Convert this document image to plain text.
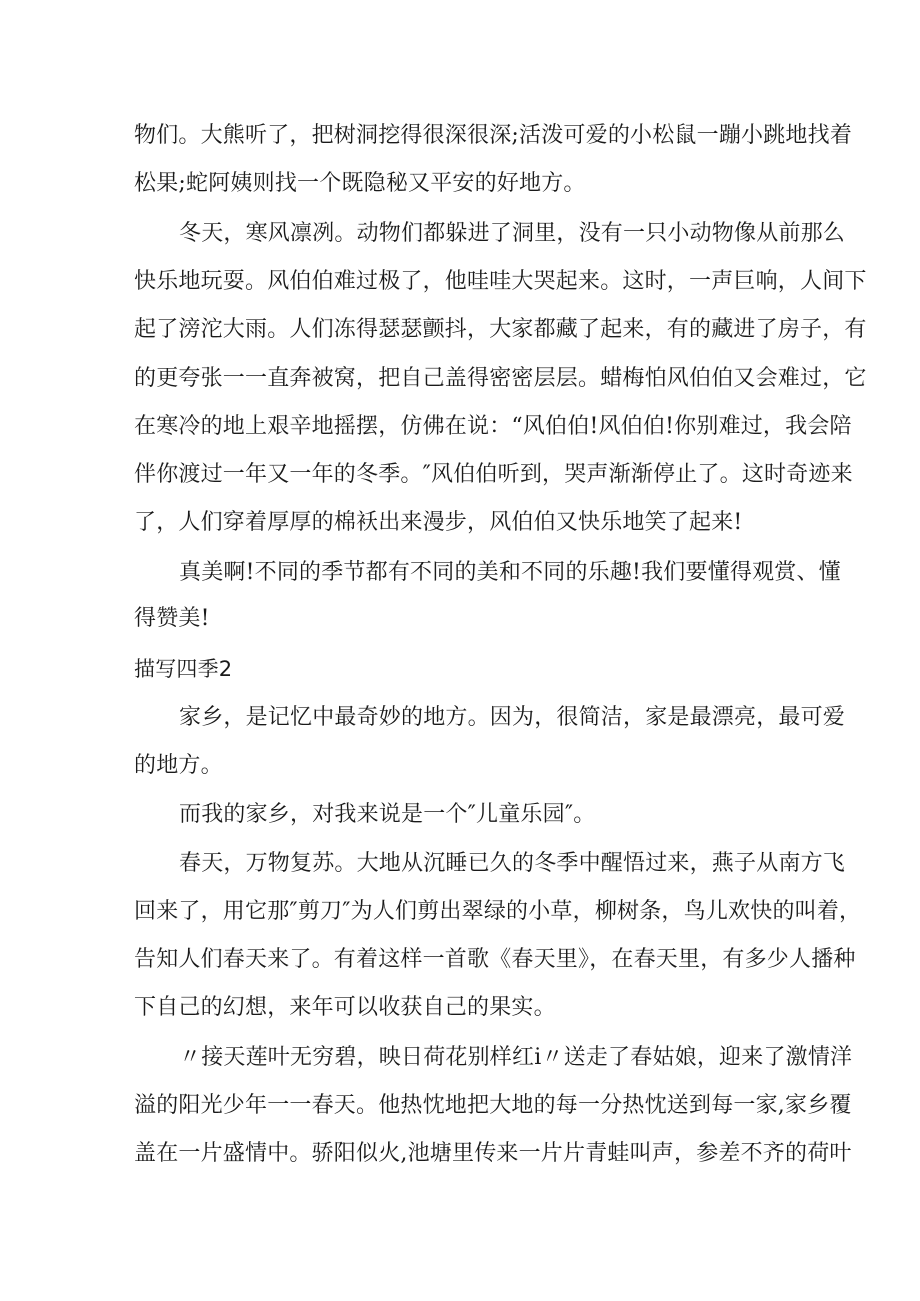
物们。大熊听了，把树洞挖得很深很深;活泼可爱的小松鼠一蹦小跳地找着
松果;蛇阿姨则找一个既隐秘又平安的好地方。
冬天，寒风凛冽。动物们都躲进了洞里，没有一只小动物像从前那么
快乐地玩耍。风伯伯难过极了，他哇哇大哭起来。这时，一声巨响，人间下
起了滂沱大雨。人们冻得瑟瑟颤抖，大家都藏了起来，有的藏进了房子，有
的更夸张一一直奔被窝，把自己盖得密密层层。蜡梅怕风伯伯又会难过，它
在寒冷的地上艰辛地摇摆，仿佛在说：“风伯伯!风伯伯!你别难过，我会陪
伴你渡过一年又一年的冬季。″风伯伯听到，哭声渐渐停止了。这时奇迹来
了，人们穿着厚厚的棉袄出来漫步，风伯伯又快乐地笑了起来!
真美啊!不同的季节都有不同的美和不同的乐趣!我们要懂得观赏、懂
得赞美!
描写四季2
家乡，是记忆中最奇妙的地方。因为，很简洁，家是最漂亮，最可爱
的地方。
而我的家乡，对我来说是一个″儿童乐园″。
春天，万物复苏。大地从沉睡已久的冬季中醒悟过来，燕子从南方飞
回来了，用它那″剪刀″为人们剪出翠绿的小草，柳树条，鸟儿欢快的叫着，
告知人们春天来了。有着这样一首歌《春天里》，在春天里，有多少人播种
下自己的幻想，来年可以收获自己的果实。
〃接天莲叶无穷碧，映日荷花别样红i〃送走了春姑娘，迎来了激情洋
溢的阳光少年一一春天。他热忱地把大地的每一分热忱送到每一家,家乡覆
盖在一片盛情中。骄阳似火,池塘里传来一片片青蛙叫声，参差不齐的荷叶
